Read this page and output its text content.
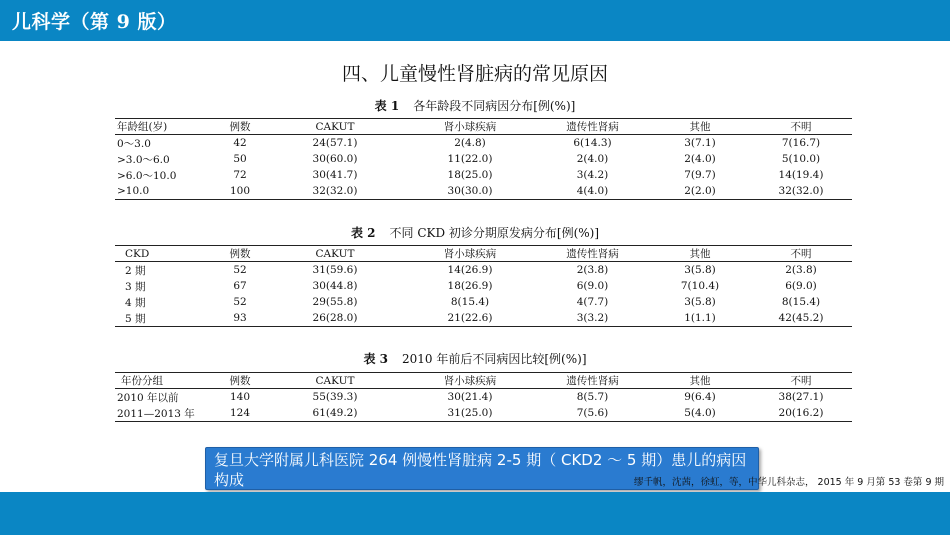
儿科学（第 9 版）
四、儿童慢性肾脏病的常见原因
表 1 各年龄段不同病因分布[例(%)]
年龄组(岁)	例数	CAKUT	肾小球疾病	遗传性肾病	其他	不明
0～3.0	42	24(57.1)	2(4.8)	6(14.3)	3(7.1)	7(16.7)
>3.0～6.0	50	30(60.0)	11(22.0)	2(4.0)	2(4.0)	5(10.0)
>6.0～10.0	72	30(41.7)	18(25.0)	3(4.2)	7(9.7)	14(19.4)
>10.0	100	32(32.0)	30(30.0)	4(4.0)	2(2.0)	32(32.0)
表 2 不同 CKD 初诊分期原发病分布[例(%)]
CKD	例数	CAKUT	肾小球疾病	遗传性肾病	其他	不明
2 期	52	31(59.6)	14(26.9)	2(3.8)	3(5.8)	2(3.8)
3 期	67	30(44.8)	18(26.9)	6(9.0)	7(10.4)	6(9.0)
4 期	52	29(55.8)	8(15.4)	4(7.7)	3(5.8)	8(15.4)
5 期	93	26(28.0)	21(22.6)	3(3.2)	1(1.1)	42(45.2)
表 3 2010 年前后不同病因比较[例(%)]
年份分组	例数	CAKUT	肾小球疾病	遗传性肾病	其他	不明
2010 年以前	140	55(39.3)	30(21.4)	8(5.7)	9(6.4)	38(27.1)
2011—2013 年	124	61(49.2)	31(25.0)	7(5.6)	5(4.0)	20(16.2)
复旦大学附属儿科医院 264 例慢性肾脏病 2-5 期（ CKD2 ～ 5 期）患儿的病因构成	缪千帆，沈茜，徐虹，等，中华儿科杂志， 2015 年 9 月第 53 卷第 9 期
